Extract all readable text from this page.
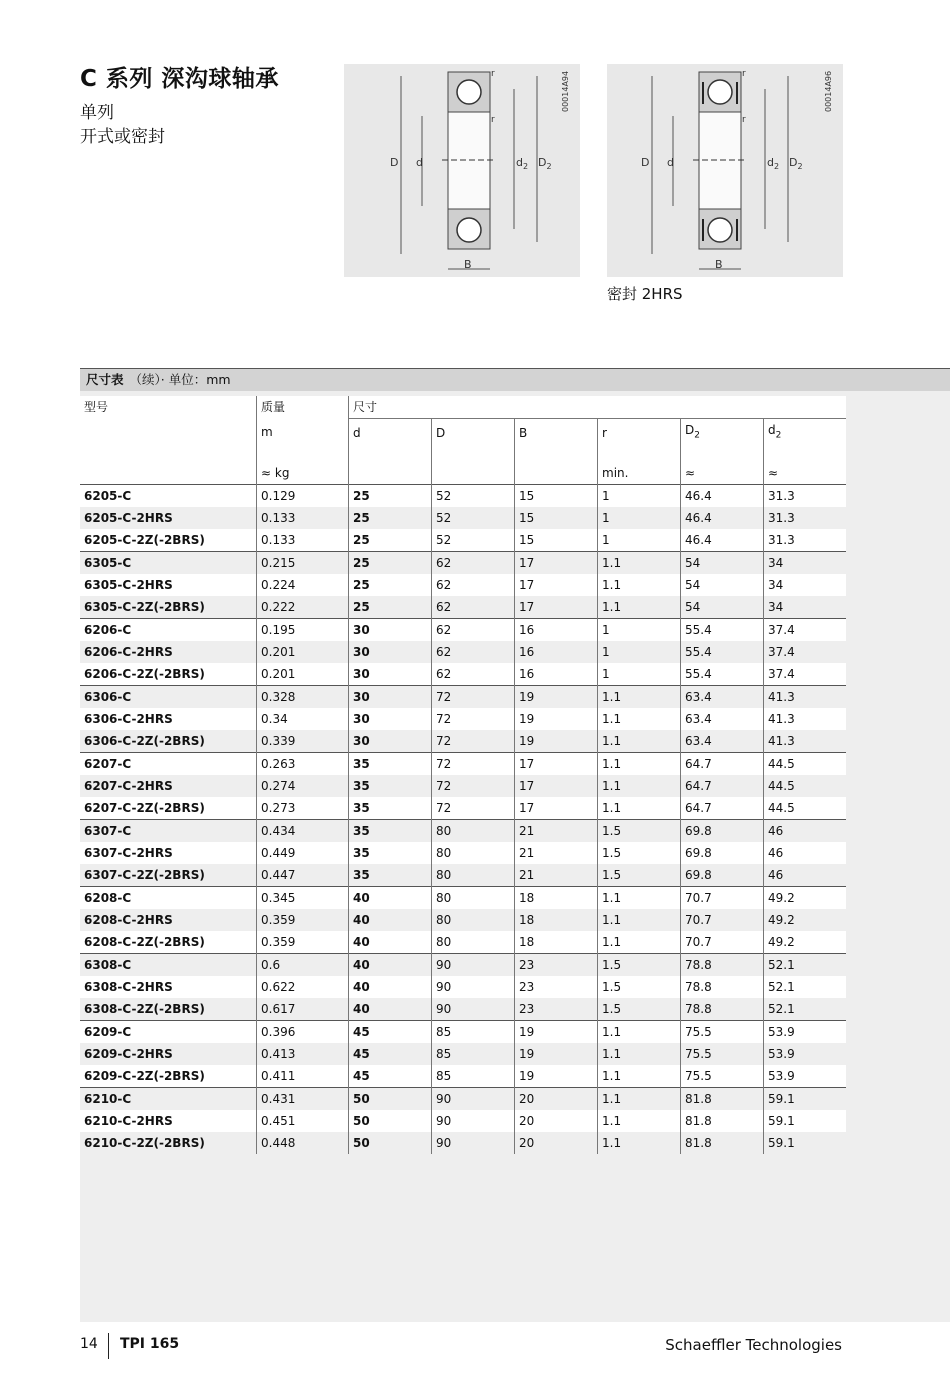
C 系列 深沟球轴承
单列
开式或密封
D d	$d_2$ $D_2$
B
r
r
00014A94
D d	$d_2$ $D_2$
B
r
r
00014A96
密封 2HRS
尺寸表 （续）· 单位：mm
型号	质量	尺寸					
	m	d	D	B	r	$D_2$	$d_2$

	≈ kg				min.	≈	≈
6205-C	0.129	25	52	15	1	46.4	31.3
6205-C-2HRS	0.133	25	52	15	1	46.4	31.3
6205-C-2Z(-2BRS)	0.133	25	52	15	1	46.4	31.3
6305-C	0.215	25	62	17	1.1	54	34
6305-C-2HRS	0.224	25	62	17	1.1	54	34
6305-C-2Z(-2BRS)	0.222	25	62	17	1.1	54	34
6206-C	0.195	30	62	16	1	55.4	37.4
6206-C-2HRS	0.201	30	62	16	1	55.4	37.4
6206-C-2Z(-2BRS)	0.201	30	62	16	1	55.4	37.4
6306-C	0.328	30	72	19	1.1	63.4	41.3
6306-C-2HRS	0.34	30	72	19	1.1	63.4	41.3
6306-C-2Z(-2BRS)	0.339	30	72	19	1.1	63.4	41.3
6207-C	0.263	35	72	17	1.1	64.7	44.5
6207-C-2HRS	0.274	35	72	17	1.1	64.7	44.5
6207-C-2Z(-2BRS)	0.273	35	72	17	1.1	64.7	44.5
6307-C	0.434	35	80	21	1.5	69.8	46
6307-C-2HRS	0.449	35	80	21	1.5	69.8	46
6307-C-2Z(-2BRS)	0.447	35	80	21	1.5	69.8	46
6208-C	0.345	40	80	18	1.1	70.7	49.2
6208-C-2HRS	0.359	40	80	18	1.1	70.7	49.2
6208-C-2Z(-2BRS)	0.359	40	80	18	1.1	70.7	49.2
6308-C	0.6	40	90	23	1.5	78.8	52.1
6308-C-2HRS	0.622	40	90	23	1.5	78.8	52.1
6308-C-2Z(-2BRS)	0.617	40	90	23	1.5	78.8	52.1
6209-C	0.396	45	85	19	1.1	75.5	53.9
6209-C-2HRS	0.413	45	85	19	1.1	75.5	53.9
6209-C-2Z(-2BRS)	0.411	45	85	19	1.1	75.5	53.9
6210-C	0.431	50	90	20	1.1	81.8	59.1
6210-C-2HRS	0.451	50	90	20	1.1	81.8	59.1
6210-C-2Z(-2BRS)	0.448	50	90	20	1.1	81.8	59.1
14 TPI 165	Schaeffler Technologies
